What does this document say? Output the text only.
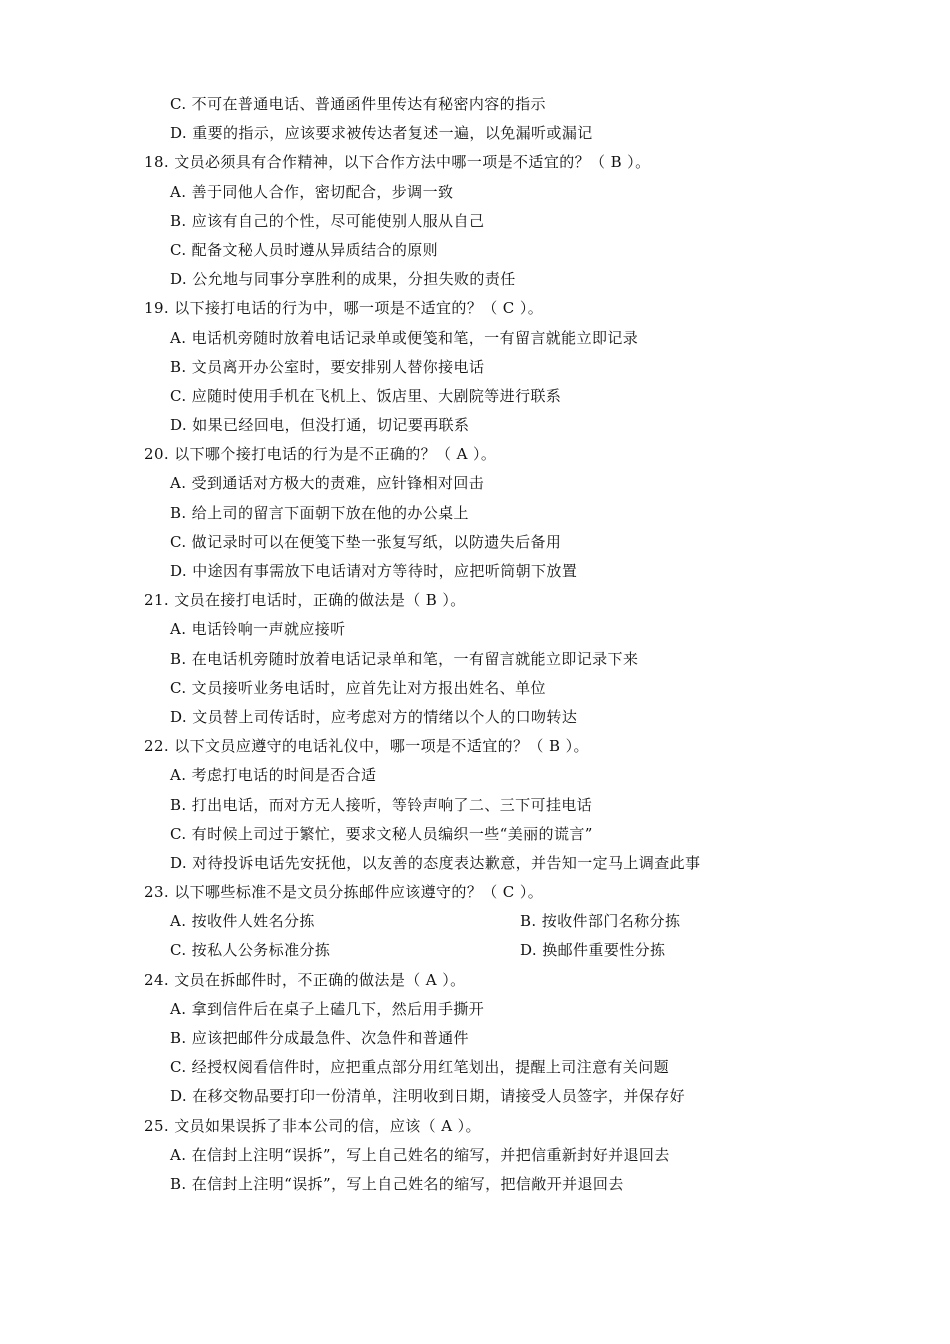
C. 不可在普通电话、普通函件里传达有秘密内容的指示
D. 重要的指示，应该要求被传达者复述一遍，以免漏听或漏记
18. 文员必须具有合作精神，以下合作方法中哪一项是不适宜的？（ B ）。
A. 善于同他人合作，密切配合，步调一致
B. 应该有自己的个性，尽可能使别人服从自己
C. 配备文秘人员时遵从异质结合的原则
D. 公允地与同事分享胜利的成果，分担失败的责任
19. 以下接打电话的行为中，哪一项是不适宜的？（ C ）。
A. 电话机旁随时放着电话记录单或便笺和笔，一有留言就能立即记录
B. 文员离开办公室时，要安排别人替你接电话
C. 应随时使用手机在飞机上、饭店里、大剧院等进行联系
D. 如果已经回电，但没打通，切记要再联系
20. 以下哪个接打电话的行为是不正确的？（ A ）。
A. 受到通话对方极大的责难，应针锋相对回击
B. 给上司的留言下面朝下放在他的办公桌上
C. 做记录时可以在便笺下垫一张复写纸，以防遗失后备用
D. 中途因有事需放下电话请对方等待时，应把听筒朝下放置
21. 文员在接打电话时，正确的做法是（ B ）。
A. 电话铃响一声就应接听
B. 在电话机旁随时放着电话记录单和笔，一有留言就能立即记录下来
C. 文员接听业务电话时，应首先让对方报出姓名、单位
D. 文员替上司传话时，应考虑对方的情绪以个人的口吻转达
22. 以下文员应遵守的电话礼仪中，哪一项是不适宜的？（ B ）。
A. 考虑打电话的时间是否合适
B. 打出电话，而对方无人接听，等铃声响了二、三下可挂电话
C. 有时候上司过于繁忙，要求文秘人员编织一些“美丽的谎言”
D. 对待投诉电话先安抚他，以友善的态度表达歉意，并告知一定马上调查此事
23. 以下哪些标准不是文员分拣邮件应该遵守的？（ C ）。
A. 按收件人姓名分拣	B. 按收件部门名称分拣
C. 按私人公务标准分拣	D. 换邮件重要性分拣
24. 文员在拆邮件时，不正确的做法是（ A ）。
A. 拿到信件后在桌子上磕几下，然后用手撕开
B. 应该把邮件分成最急件、次急件和普通件
C. 经授权阅看信件时，应把重点部分用红笔划出，提醒上司注意有关问题
D. 在移交物品要打印一份清单，注明收到日期，请接受人员签字，并保存好
25. 文员如果误拆了非本公司的信，应该（ A ）。
A. 在信封上注明“误拆”，写上自己姓名的缩写，并把信重新封好并退回去
B. 在信封上注明“误拆”，写上自己姓名的缩写，把信敞开并退回去
